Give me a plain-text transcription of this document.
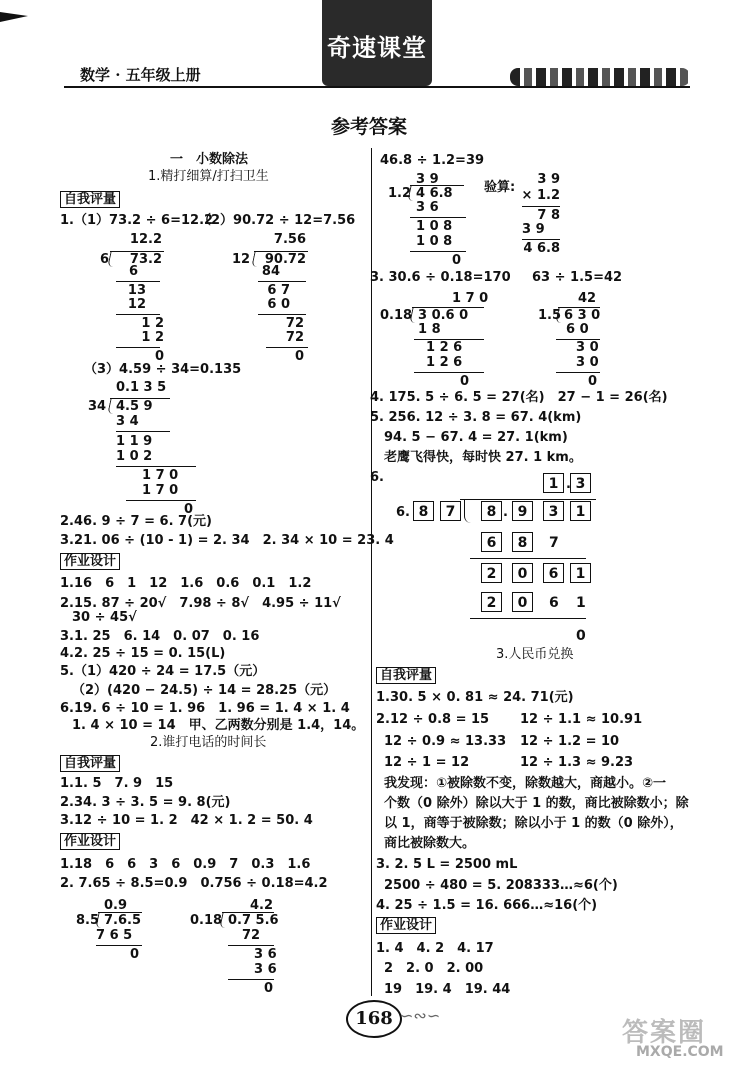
数学 · 五年级上册
奇速课堂
参考答案
一　小数除法
1.精打细算/打扫卫生
自我评量
1.（1）73.2 ÷ 6=12.2
（2）90.72 ÷ 12=7.56
12.2
6	73.2
6
13
12
1 2
1 2
0
7.56
12	90.72
84
6 7
6 0
72
72
0
（3）4.59 ÷ 34=0.135
0.1 3 5
34 4.5 9
3 4
1 1 9
1 0 2
1 7 0
1 7 0
0
2.46. 9 ÷ 7 = 6. 7(元)
3.21. 06 ÷ (10 - 1) = 2. 34　2. 34 × 10 = 23. 4
作业设计
1.16　6　1　12　1.6　0.6　0.1　1.2
2.15. 87 ÷ 20√　7.98 ÷ 8√　4.95 ÷ 11√
30 ÷ 45√
3.1. 25　6. 14　0. 07　0. 16
4.2. 25 ÷ 15 = 0. 15(L)
5.（1）420 ÷ 24 = 17.5（元）
（2）(420 − 24.5) ÷ 14 = 28.25（元）
6.19. 6 ÷ 10 = 1. 96　1. 96 = 1. 4 × 1. 4
1. 4 × 10 = 14　甲、乙两数分别是 1.4，14。
2.谁打电话的时间长
自我评量
1.1. 5　7. 9　15
2.34. 3 ÷ 3. 5 = 9. 8(元)
3.12 ÷ 10 = 1. 2　42 × 1. 2 = 50. 4
作业设计
1.18　6　6　3　6　0.9　7　0.3　1.6
2. 7.65 ÷ 8.5=0.9　0.756 ÷ 0.18=4.2
0.9
8.5 7.6.5
7 6 5
0
4.2
0.18 0.7 5.6
72
3 6
3 6
0
46.8 ÷ 1.2=39
3 9
1.2 4 6.8
3 6
1 0 8
1 0 8
0
验算:
3 9
× 1.2
7 8
3 9
4 6.8
3. 30.6 ÷ 0.18=170 63 ÷ 1.5=42
1 7 0
0.18 3 0.6 0
1 8
1 2 6
1 2 6
0
42
1.5 6 3 0
6 0
3 0
3 0
0
4. 175. 5 ÷ 6. 5 = 27(名)　27 − 1 = 26(名)
5. 256. 12 ÷ 3. 8 = 67. 4(km)
94. 5 − 67. 4 = 27. 1(km)
老鹰飞得快，每时快 27. 1 km。
6.	1 . 3
6. 8	7	8	9
.	3	1
6	8	7
2	0	6	1
2	0	6 1
0
3.人民币兑换
自我评量
1.30. 5 × 0. 81 ≈ 24. 71(元)
2.12 ÷ 0.8 = 15 12 ÷ 1.1 ≈ 10.91
12 ÷ 0.9 ≈ 13.33 12 ÷ 1.2 = 10
12 ÷ 1 = 12	12 ÷ 1.3 ≈ 9.23
我发现：①被除数不变，除数越大，商越小。②一
个数（0 除外）除以大于 1 的数，商比被除数小；除
以 1，商等于被除数；除以小于 1 的数（0 除外），
商比被除数大。
3. 2. 5 L = 2500 mL
2500 ÷ 480 = 5. 208333…≈6(个)
4. 25 ÷ 1.5 = 16. 666…≈16(个)
作业设计
1. 4　4. 2　4. 17
2　2. 0　2. 00
19　19. 4　19. 44
168 ∽∾∽
答案圈
MXQE.COM
